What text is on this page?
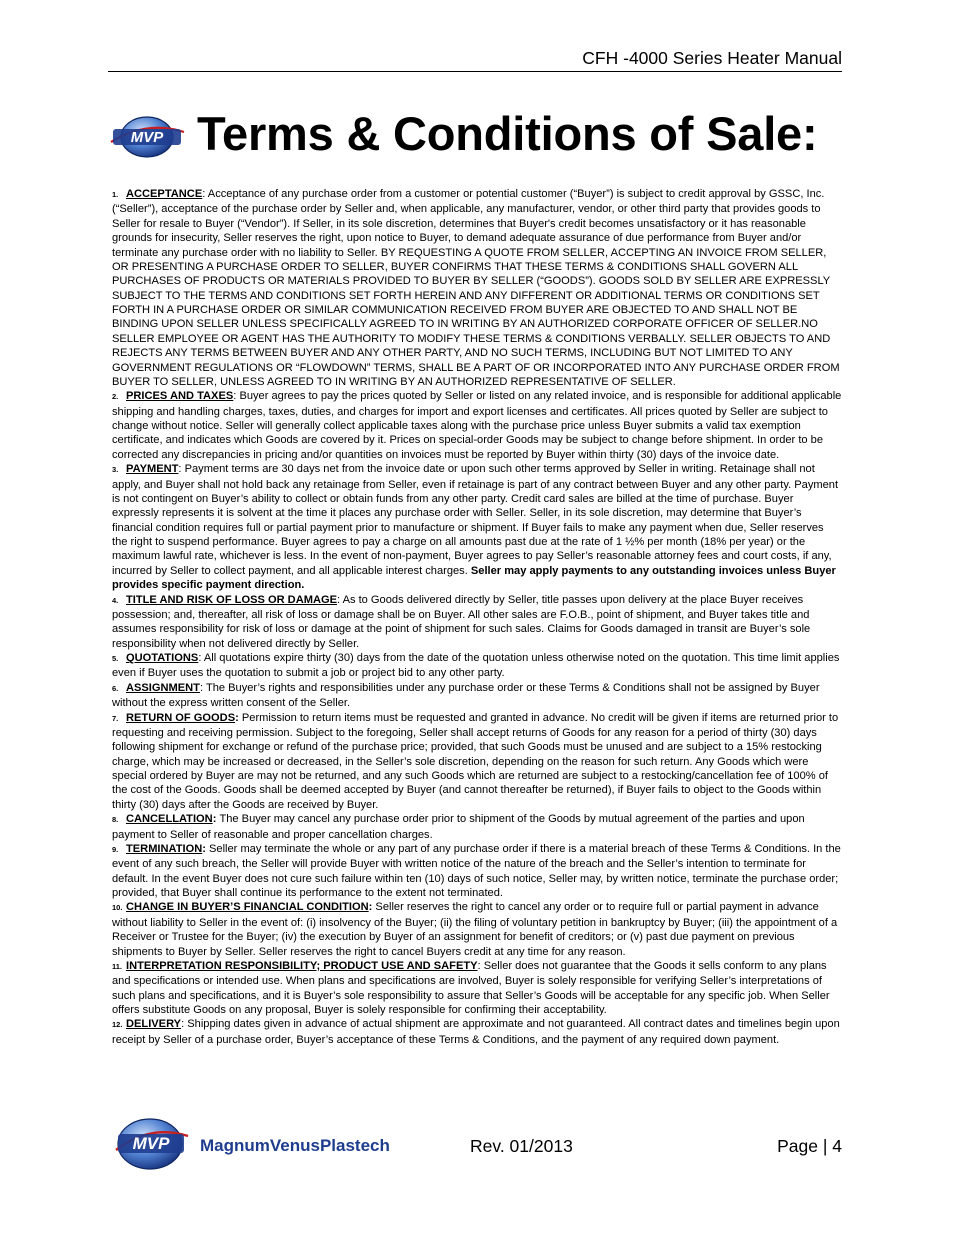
CFH -4000 Series Heater Manual
MVP Terms & Conditions of Sale:

1. ACCEPTANCE: Acceptance of any purchase order from a customer or potential customer (“Buyer”) is subject to credit approval by GSSC, Inc. (“Seller”), acceptance of the purchase order by Seller and, when applicable, any manufacturer, vendor, or other third party that provides goods to Seller for resale to Buyer (“Vendor”). If Seller, in its sole discretion, determines that Buyer's credit becomes unsatisfactory or it has reasonable grounds for insecurity, Seller reserves the right, upon notice to Buyer, to demand adequate assurance of due performance from Buyer and/or terminate any purchase order with no liability to Seller. BY REQUESTING A QUOTE FROM SELLER, ACCEPTING AN INVOICE FROM SELLER, OR PRESENTING A PURCHASE ORDER TO SELLER, BUYER CONFIRMS THAT THESE TERMS & CONDITIONS SHALL GOVERN ALL PURCHASES OF PRODUCTS OR MATERIALS PROVIDED TO BUYER BY SELLER (“GOODS”). GOODS SOLD BY SELLER ARE EXPRESSLY SUBJECT TO THE TERMS AND CONDITIONS SET FORTH HEREIN AND ANY DIFFERENT OR ADDITIONAL TERMS OR CONDITIONS SET FORTH IN A PURCHASE ORDER OR SIMILAR COMMUNICATION RECEIVED FROM BUYER ARE OBJECTED TO AND SHALL NOT BE BINDING UPON SELLER UNLESS SPECIFICALLY AGREED TO IN WRITING BY AN AUTHORIZED CORPORATE OFFICER OF SELLER.NO SELLER EMPLOYEE OR AGENT HAS THE AUTHORITY TO MODIFY THESE TERMS & CONDITIONS VERBALLY. SELLER OBJECTS TO AND REJECTS ANY TERMS BETWEEN BUYER AND ANY OTHER PARTY, AND NO SUCH TERMS, INCLUDING BUT NOT LIMITED TO ANY GOVERNMENT REGULATIONS OR “FLOWDOWN” TERMS, SHALL BE A PART OF OR INCORPORATED INTO ANY PURCHASE ORDER FROM BUYER TO SELLER, UNLESS AGREED TO IN WRITING BY AN AUTHORIZED REPRESENTATIVE OF SELLER.

2. PRICES AND TAXES: Buyer agrees to pay the prices quoted by Seller or listed on any related invoice, and is responsible for additional applicable shipping and handling charges, taxes, duties, and charges for import and export licenses and certificates. All prices quoted by Seller are subject to change without notice. Seller will generally collect applicable taxes along with the purchase price unless Buyer submits a valid tax exemption certificate, and indicates which Goods are covered by it. Prices on special-order Goods may be subject to change before shipment. In order to be corrected any discrepancies in pricing and/or quantities on invoices must be reported by Buyer within thirty (30) days of the invoice date.

3. PAYMENT: Payment terms are 30 days net from the invoice date or upon such other terms approved by Seller in writing. Retainage shall not apply, and Buyer shall not hold back any retainage from Seller, even if retainage is part of any contract between Buyer and any other party. Payment is not contingent on Buyer’s ability to collect or obtain funds from any other party. Credit card sales are billed at the time of purchase. Buyer expressly represents it is solvent at the time it places any purchase order with Seller. Seller, in its sole discretion, may determine that Buyer’s financial condition requires full or partial payment prior to manufacture or shipment. If Buyer fails to make any payment when due, Seller reserves the right to suspend performance. Buyer agrees to pay a charge on all amounts past due at the rate of 1 ½% per month (18% per year) or the maximum lawful rate, whichever is less. In the event of non-payment, Buyer agrees to pay Seller’s reasonable attorney fees and court costs, if any, incurred by Seller to collect payment, and all applicable interest charges. Seller may apply payments to any outstanding invoices unless Buyer provides specific payment direction.

4. TITLE AND RISK OF LOSS OR DAMAGE: As to Goods delivered directly by Seller, title passes upon delivery at the place Buyer receives possession; and, thereafter, all risk of loss or damage shall be on Buyer. All other sales are F.O.B., point of shipment, and Buyer takes title and assumes responsibility for risk of loss or damage at the point of shipment for such sales. Claims for Goods damaged in transit are Buyer’s sole responsibility when not delivered directly by Seller.

5. QUOTATIONS: All quotations expire thirty (30) days from the date of the quotation unless otherwise noted on the quotation. This time limit applies even if Buyer uses the quotation to submit a job or project bid to any other party.

6. ASSIGNMENT: The Buyer’s rights and responsibilities under any purchase order or these Terms & Conditions shall not be assigned by Buyer without the express written consent of the Seller.

7. RETURN OF GOODS: Permission to return items must be requested and granted in advance. No credit will be given if items are returned prior to requesting and receiving permission. Subject to the foregoing, Seller shall accept returns of Goods for any reason for a period of thirty (30) days following shipment for exchange or refund of the purchase price; provided, that such Goods must be unused and are subject to a 15% restocking charge, which may be increased or decreased, in the Seller’s sole discretion, depending on the reason for such return. Any Goods which were special ordered by Buyer are may not be returned, and any such Goods which are returned are subject to a restocking/cancellation fee of 100% of the cost of the Goods. Goods shall be deemed accepted by Buyer (and cannot thereafter be returned), if Buyer fails to object to the Goods within thirty (30) days after the Goods are received by Buyer.

8. CANCELLATION: The Buyer may cancel any purchase order prior to shipment of the Goods by mutual agreement of the parties and upon payment to Seller of reasonable and proper cancellation charges.

9. TERMINATION: Seller may terminate the whole or any part of any purchase order if there is a material breach of these Terms & Conditions. In the event of any such breach, the Seller will provide Buyer with written notice of the nature of the breach and the Seller’s intention to terminate for default. In the event Buyer does not cure such failure within ten (10) days of such notice, Seller may, by written notice, terminate the purchase order; provided, that Buyer shall continue its performance to the extent not terminated.

10. CHANGE IN BUYER’S FINANCIAL CONDITION: Seller reserves the right to cancel any order or to require full or partial payment in advance without liability to Seller in the event of: (i) insolvency of the Buyer; (ii) the filing of voluntary petition in bankruptcy by Buyer; (iii) the appointment of a Receiver or Trustee for the Buyer; (iv) the execution by Buyer of an assignment for benefit of creditors; or (v) past due payment on previous shipments to Buyer by Seller. Seller reserves the right to cancel Buyers credit at any time for any reason.

11. INTERPRETATION RESPONSIBILITY; PRODUCT USE AND SAFETY: Seller does not guarantee that the Goods it sells conform to any plans and specifications or intended use. When plans and specifications are involved, Buyer is solely responsible for verifying Seller’s interpretations of such plans and specifications, and it is Buyer’s sole responsibility to assure that Seller’s Goods will be acceptable for any specific job. When Seller offers substitute Goods on any proposal, Buyer is solely responsible for confirming their acceptability.

12. DELIVERY: Shipping dates given in advance of actual shipment are approximate and not guaranteed. All contract dates and timelines begin upon receipt by Seller of a purchase order, Buyer’s acceptance of these Terms & Conditions, and the payment of any required down payment.

MVP MagnumVenusPlastech	Rev. 01/2013	Page | 4
